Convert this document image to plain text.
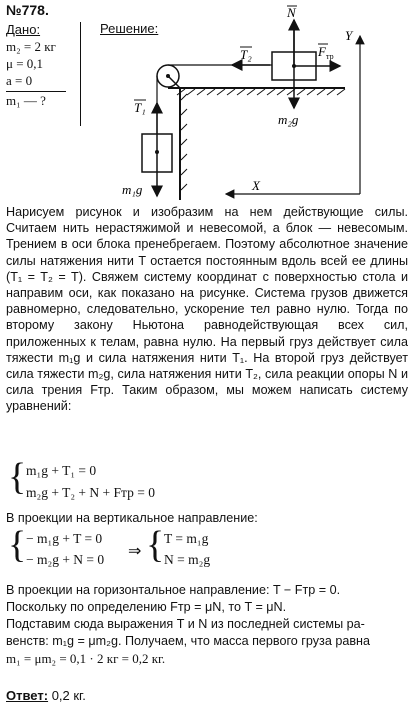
№778.
Дано:
m₂ = 2 кг
μ = 0,1
a = 0
m₁ — ?
Решение:
N
T₂	F тр
m₂g
T₁
m₁g
Y
X
Нарисуем рисунок и изобразим на нем действующие силы. Считаем нить нерастяжимой и невесомой, а блок — невесомым. Трением в оси блока пренебрегаем. Поэтому абсолютное значение силы натяжения нити T остается постоянным вдоль всей ее длины (T₁ = T₂ = T). Свяжем систему координат с поверхностью стола и направим оси, как показано на рисунке. Система грузов движется равномерно, следовательно, ускорение тел равно нулю. Тогда по второму закону Ньютона равнодействующая всех сил, приложенных к телам, равна нулю. На первый груз действует сила тяжести m₁g и сила натяжения нити T₁. На второй груз действует сила тяжести m₂g, сила натяжения нити T₂, сила реакции опоры N и сила трения Fтр. Таким образом, мы можем написать систему уравнений:
{ m₁g + T₁ = 0
m₂g + T₂ + N + Fтр = 0
В проекции на вертикальное направление:
{ − m₁g + T = 0
− m₂g + N = 0 ⇒ { T = m₁g
N = m₂g
В проекции на горизонтальное направление: T − Fтр = 0.
Поскольку по определению Fтр = μN, то T = μN.
Подставим сюда выражения T и N из последней системы ра-
венств: m₁g = μm₂g. Получаем, что масса первого груза равна
m₁ = μm₂ = 0,1 · 2 кг = 0,2 кг.
Ответ: 0,2 кг.
